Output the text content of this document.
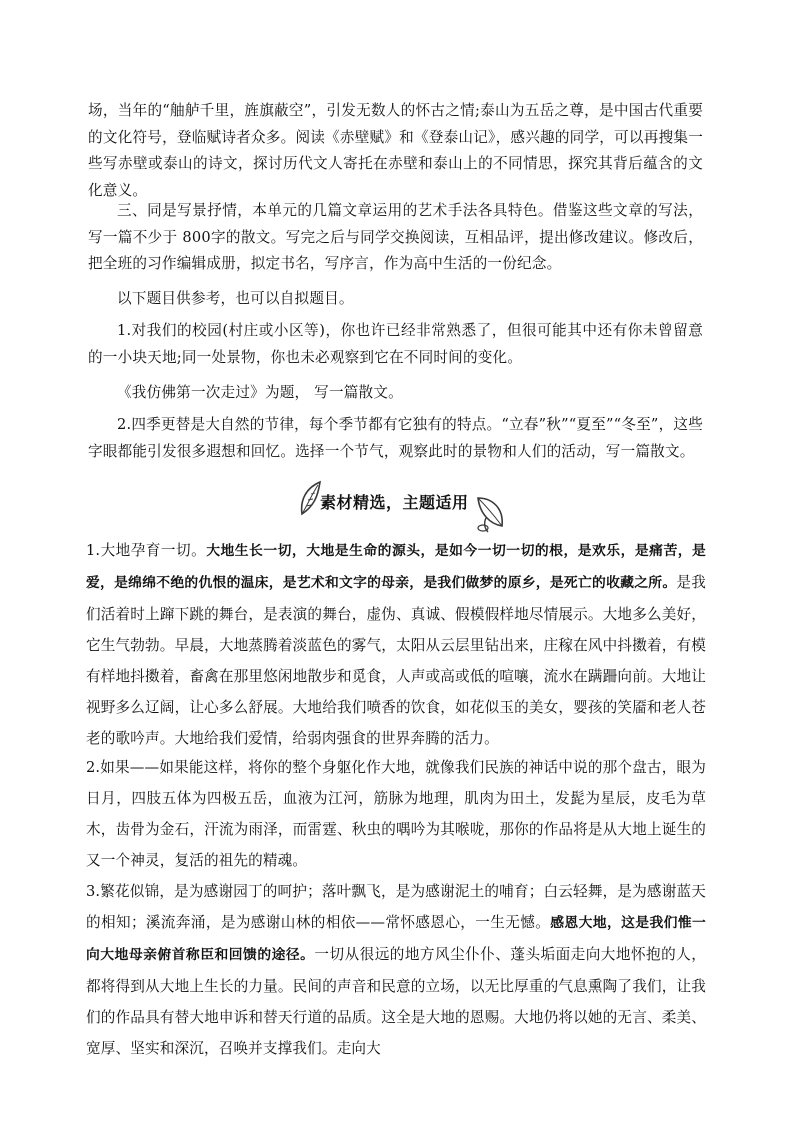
场，当年的“舳舻千里，旌旗蔽空”，引发无数人的怀古之情;泰山为五岳之尊，是中国古代重要的文化符号，登临赋诗者众多。阅读《赤壁赋》和《登泰山记》，感兴趣的同学，可以再搜集一些写赤壁或泰山的诗文，探讨历代文人寄托在赤壁和泰山上的不同情思，探究其背后蕴含的文化意义。

三、同是写景抒情，本单元的几篇文章运用的艺术手法各具特色。借鉴这些文章的写法，写一篇不少于 800字的散文。写完之后与同学交换阅读，互相品评，提出修改建议。修改后，把全班的习作编辑成册，拟定书名，写序言，作为高中生活的一份纪念。

以下题目供参考，也可以自拟题目。

1.对我们的校园(村庄或小区等)，你也许已经非常熟悉了，但很可能其中还有你未曾留意的一小块天地;同一处景物，你也未必观察到它在不同时间的变化。

《我仿佛第一次走过》为题， 写一篇散文。

2.四季更替是大自然的节律，每个季节都有它独有的特点。“立春”秋”“夏至”“冬至”，这些字眼都能引发很多遐想和回忆。选择一个节气，观察此时的景物和人们的活动，写一篇散文。

素材精选，主题适用

1.大地孕育一切。大地生长一切，大地是生命的源头，是如今一切一切的根，是欢乐，是痛苦，是爱，是绵绵不绝的仇恨的温床，是艺术和文字的母亲，是我们做梦的原乡，是死亡的收藏之所。是我们活着时上蹿下跳的舞台，是表演的舞台，虚伪、真诚、假模假样地尽情展示。大地多么美好，它生气勃勃。早晨，大地蒸腾着淡蓝色的雾气，太阳从云层里钻出来，庄稼在风中抖擞着，有模有样地抖擞着，畜禽在那里悠闲地散步和觅食，人声或高或低的喧嚷，流水在蹒跚向前。大地让视野多么辽阔，让心多么舒展。大地给我们喷香的饮食，如花似玉的美女，婴孩的笑靥和老人苍老的歌吟声。大地给我们爱情，给弱肉强食的世界奔腾的活力。

2.如果——如果能这样，将你的整个身躯化作大地，就像我们民族的神话中说的那个盘古，眼为日月，四肢五体为四极五岳，血液为江河，筋脉为地理，肌肉为田土，发髭为星辰，皮毛为草木，齿骨为金石，汗流为雨泽，而雷霆、秋虫的喁吟为其喉咙，那你的作品将是从大地上诞生的又一个神灵，复活的祖先的精魂。

3.繁花似锦，是为感谢园丁的呵护；落叶飘飞，是为感谢泥土的哺育；白云轻舞，是为感谢蓝天的相知；溪流奔涌，是为感谢山林的相依——常怀感恩心，一生无憾。感恩大地，这是我们惟一向大地母亲俯首称臣和回馈的途径。一切从很远的地方风尘仆仆、蓬头垢面走向大地怀抱的人，都将得到从大地上生长的力量。民间的声音和民意的立场，以无比厚重的气息熏陶了我们，让我们的作品具有替大地申诉和替天行道的品质。这全是大地的恩赐。大地仍将以她的无言、柔美、宽厚、坚实和深沉，召唤并支撑我们。走向大
